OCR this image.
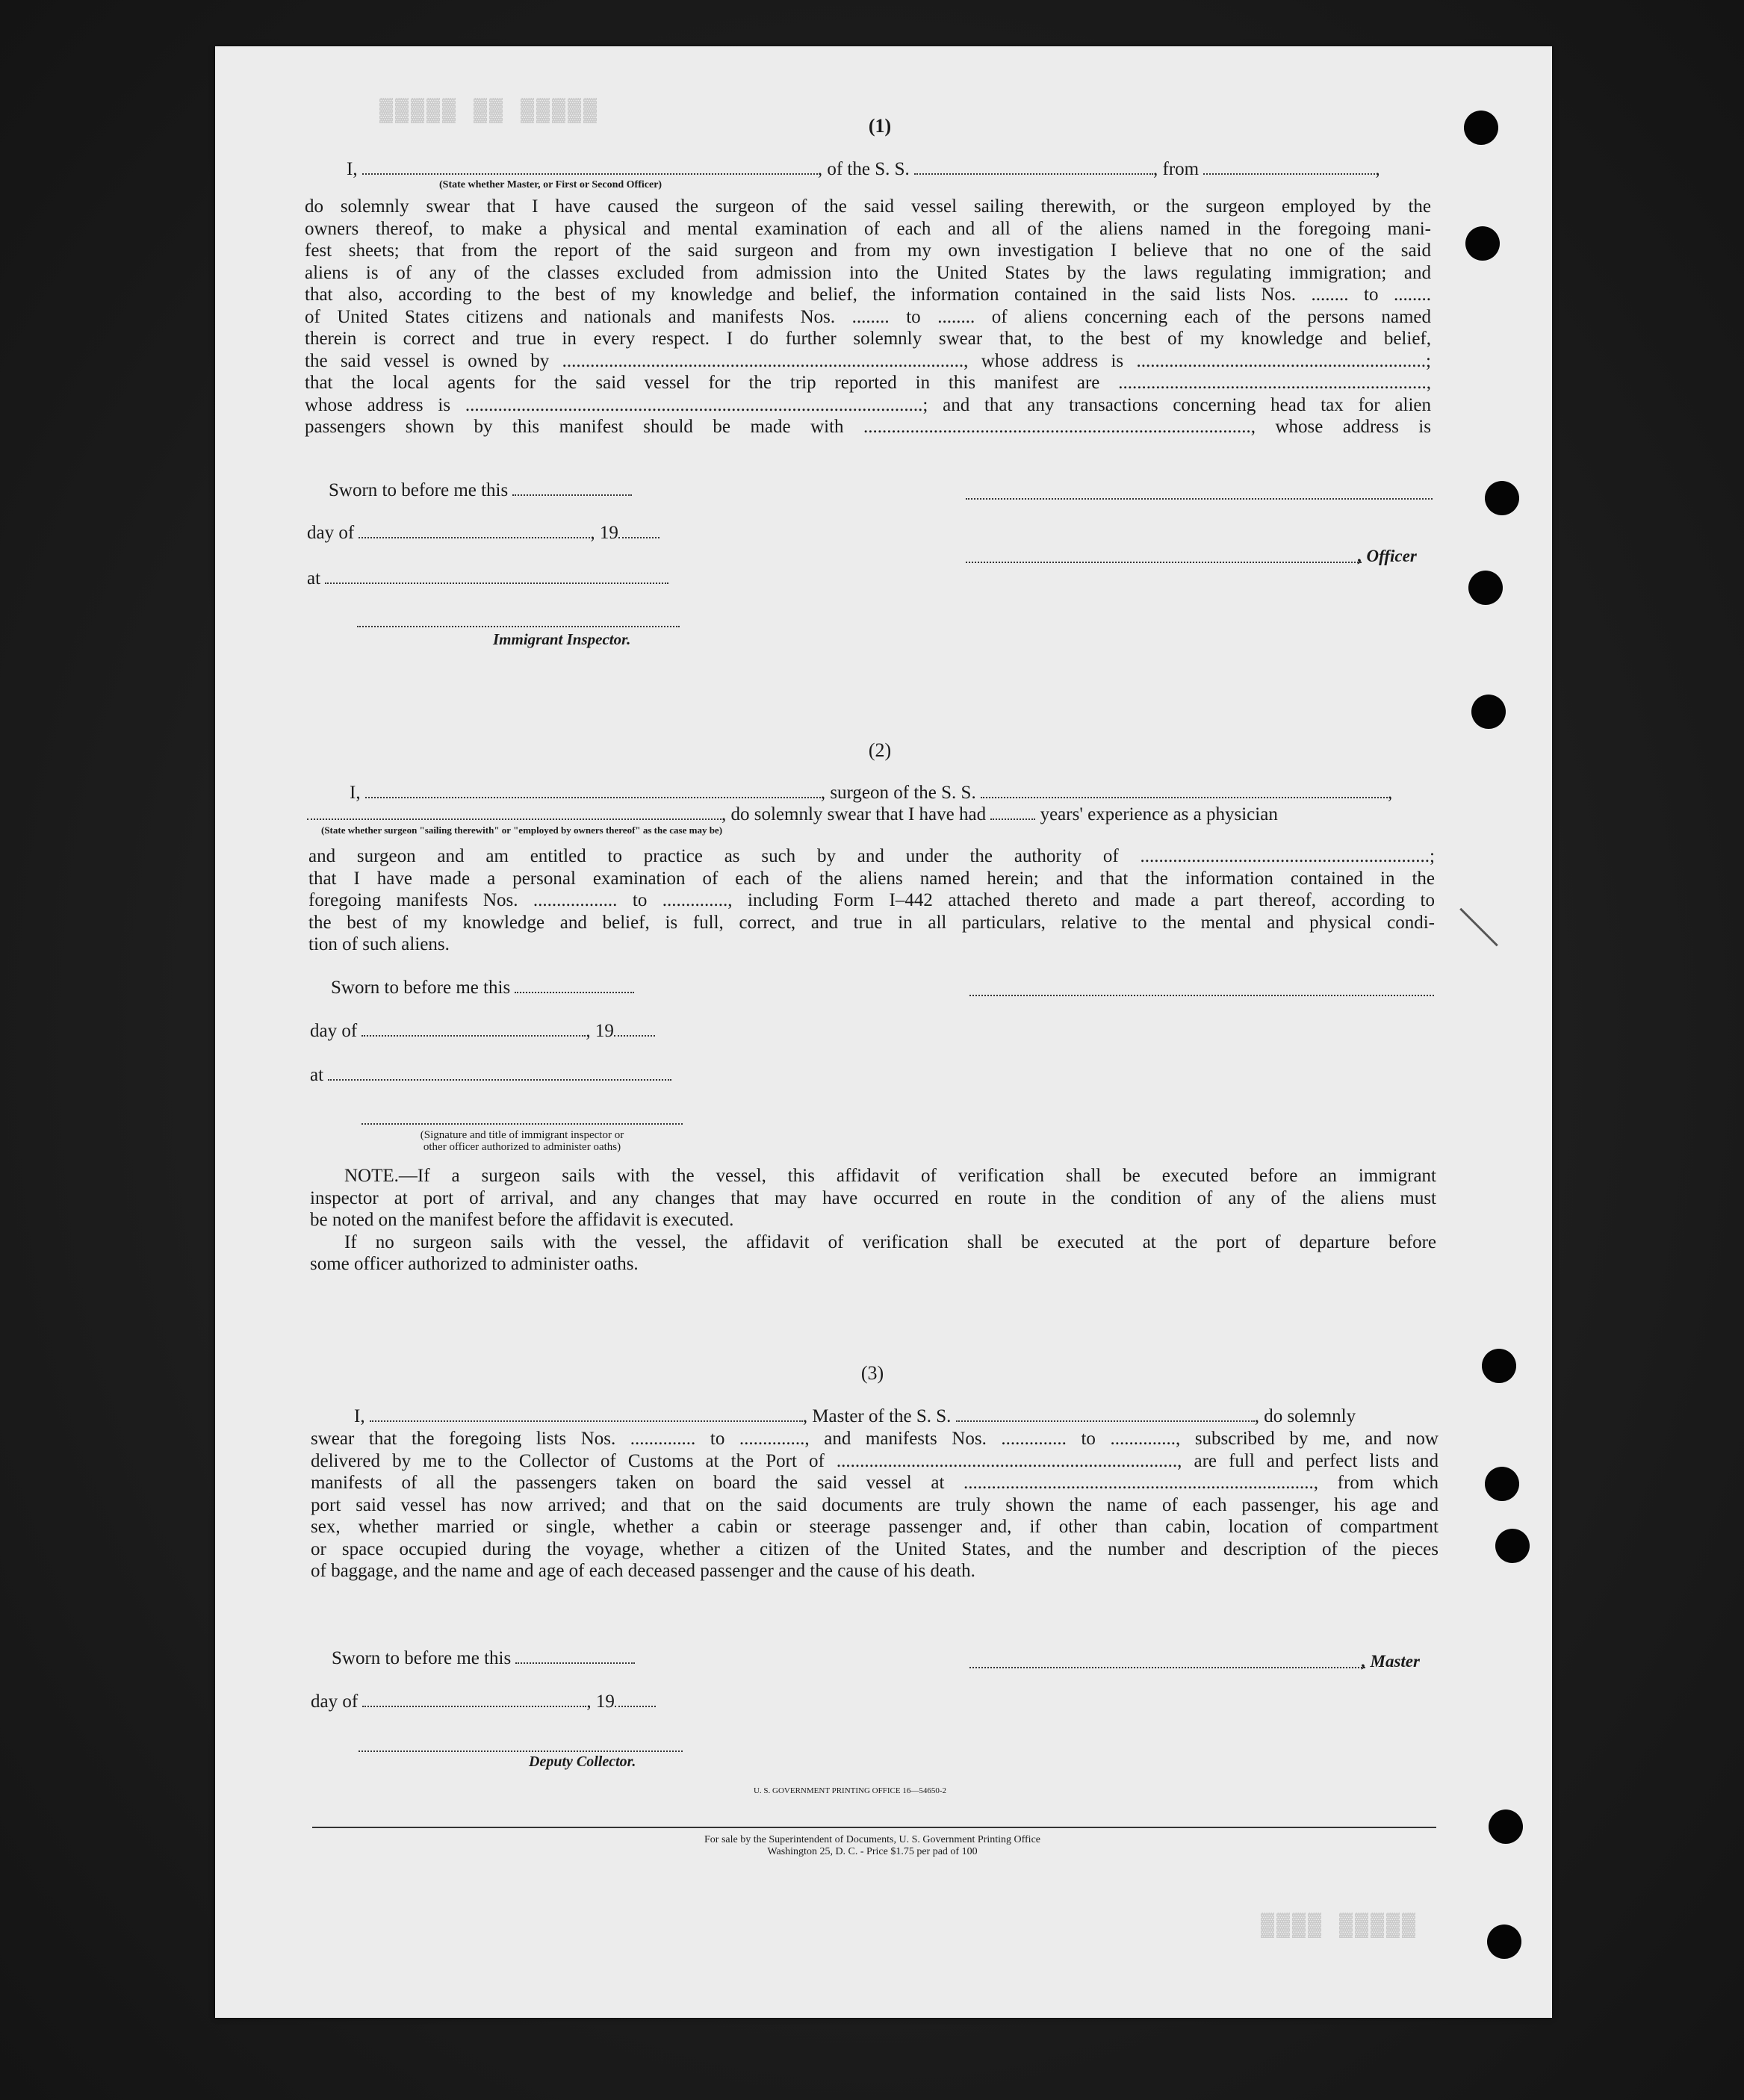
▓▓▓▓▓ ▓▓ ▓▓▓▓▓
▓▓▓▓ ▓▓▓▓▓
(1)
I,	, of the S. S.	, from	,
(State whether Master, or First or Second Officer)
do solemnly swear that I have caused the surgeon of the said vessel sailing therewith, or the surgeon employed by the
owners thereof, to make a physical and mental examination of each and all of the aliens named in the foregoing mani-
fest sheets; that from the report of the said surgeon and from my own investigation I believe that no one of the said
aliens is of any of the classes excluded from admission into the United States by the laws regulating immigration; and
that also, according to the best of my knowledge and belief, the information contained in the said lists Nos. ........ to ........
of United States citizens and nationals and manifests Nos. ........ to ........ of aliens concerning each of the persons named
therein is correct and true in every respect. I do further solemnly swear that, to the best of my knowledge and belief,
the said vessel is owned by ......................................................................................, whose address is ..............................................................;
that the local agents for the said vessel for the trip reported in this manifest are ..................................................................,
whose address is ..................................................................................................; and that any transactions concerning head tax for alien
passengers shown by this manifest should be made with ..................................................................................., whose address is
Sworn to before me this
day of	, 19
, Officer
at
Immigrant Inspector.
(2)
I,	, surgeon of the S. S.	,
, do solemnly swear that I have had	years' experience as a physician
(State whether surgeon "sailing therewith" or "employed by owners thereof" as the case may be)
and surgeon and am entitled to practice as such by and under the authority of ..............................................................;
that I have made a personal examination of each of the aliens named herein; and that the information contained in the
foregoing manifests Nos. .................. to .............., including Form I–442 attached thereto and made a part thereof, according to
the best of my knowledge and belief, is full, correct, and true in all particulars, relative to the mental and physical condi-
tion of such aliens.
Sworn to before me this
day of	, 19
at
(Signature and title of immigrant inspector or
other officer authorized to administer oaths)
NOTE.—If a surgeon sails with the vessel, this affidavit of verification shall be executed before an immigrant
inspector at port of arrival, and any changes that may have occurred en route in the condition of any of the aliens must
be noted on the manifest before the affidavit is executed.
If no surgeon sails with the vessel, the affidavit of verification shall be executed at the port of departure before
some officer authorized to administer oaths.
(3)
I,	, Master of the S. S.	, do solemnly
swear that the foregoing lists Nos. .............. to .............., and manifests Nos. .............. to .............., subscribed by me, and now
delivered by me to the Collector of Customs at the Port of ........................................................................., are full and perfect lists and
manifests of all the passengers taken on board the said vessel at ..........................................................................., from which
port said vessel has now arrived; and that on the said documents are truly shown the name of each passenger, his age and
sex, whether married or single, whether a cabin or steerage passenger and, if other than cabin, location of compartment
or space occupied during the voyage, whether a citizen of the United States, and the number and description of the pieces
of baggage, and the name and age of each deceased passenger and the cause of his death.
Sworn to before me this	, Master
day of	, 19
Deputy Collector.
U. S. GOVERNMENT PRINTING OFFICE 16—54650-2
For sale by the Superintendent of Documents, U. S. Government Printing Office
Washington 25, D. C. - Price $1.75 per pad of 100
